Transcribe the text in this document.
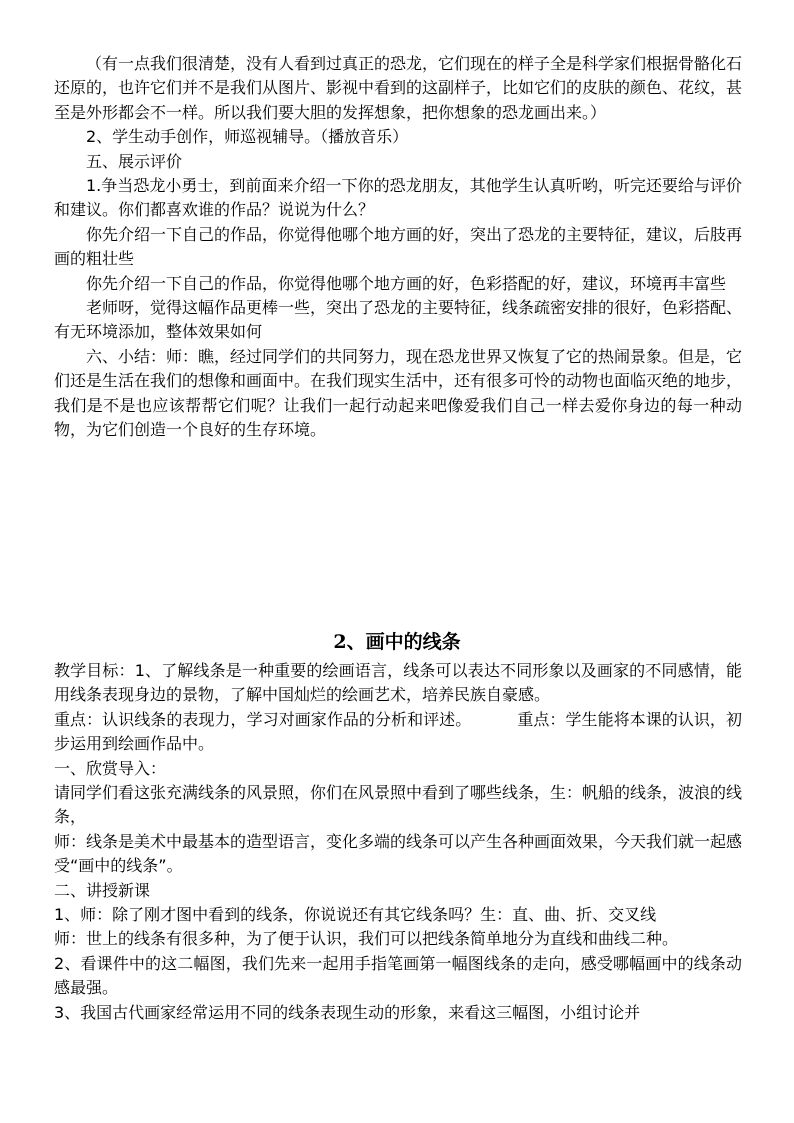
（有一点我们很清楚，没有人看到过真正的恐龙，它们现在的样子全是科学家们根据骨骼化石还原的，也许它们并不是我们从图片、影视中看到的这副样子，比如它们的皮肤的颜色、花纹，甚至是外形都会不一样。所以我们要大胆的发挥想象，把你想象的恐龙画出来。）

2、学生动手创作，师巡视辅导。（播放音乐）

五、展示评价

1.争当恐龙小勇士，到前面来介绍一下你的恐龙朋友，其他学生认真听哟，听完还要给与评价和建议。你们都喜欢谁的作品？说说为什么？

你先介绍一下自己的作品，你觉得他哪个地方画的好，突出了恐龙的主要特征，建议，后肢再画的粗壮些

你先介绍一下自己的作品，你觉得他哪个地方画的好，色彩搭配的好，建议，环境再丰富些

老师呀，觉得这幅作品更棒一些，突出了恐龙的主要特征，线条疏密安排的很好，色彩搭配、有无环境添加，整体效果如何

六、小结：师：瞧，经过同学们的共同努力，现在恐龙世界又恢复了它的热闹景象。但是，它们还是生活在我们的想像和画面中。在我们现实生活中，还有很多可怜的动物也面临灭绝的地步，我们是不是也应该帮帮它们呢？让我们一起行动起来吧像爱我们自己一样去爱你身边的每一种动物，为它们创造一个良好的生存环境。

2、画中的线条

教学目标：1、了解线条是一种重要的绘画语言，线条可以表达不同形象以及画家的不同感情，能用线条表现身边的景物，了解中国灿烂的绘画艺术，培养民族自豪感。

重点：认识线条的表现力，学习对画家作品的分析和评述。	重点：学生能将本课的认识，初步运用到绘画作品中。

一、欣赏导入：

请同学们看这张充满线条的风景照，你们在风景照中看到了哪些线条，生：帆船的线条，波浪的线条，

师：线条是美术中最基本的造型语言，变化多端的线条可以产生各种画面效果，今天我们就一起感受“画中的线条”。

二、讲授新课

1、师：除了刚才图中看到的线条，你说说还有其它线条吗？生：直、曲、折、交叉线

师：世上的线条有很多种，为了便于认识，我们可以把线条简单地分为直线和曲线二种。

2、看课件中的这二幅图，我们先来一起用手指笔画第一幅图线条的走向，感受哪幅画中的线条动感最强。

3、我国古代画家经常运用不同的线条表现生动的形象，来看这三幅图，小组讨论并
